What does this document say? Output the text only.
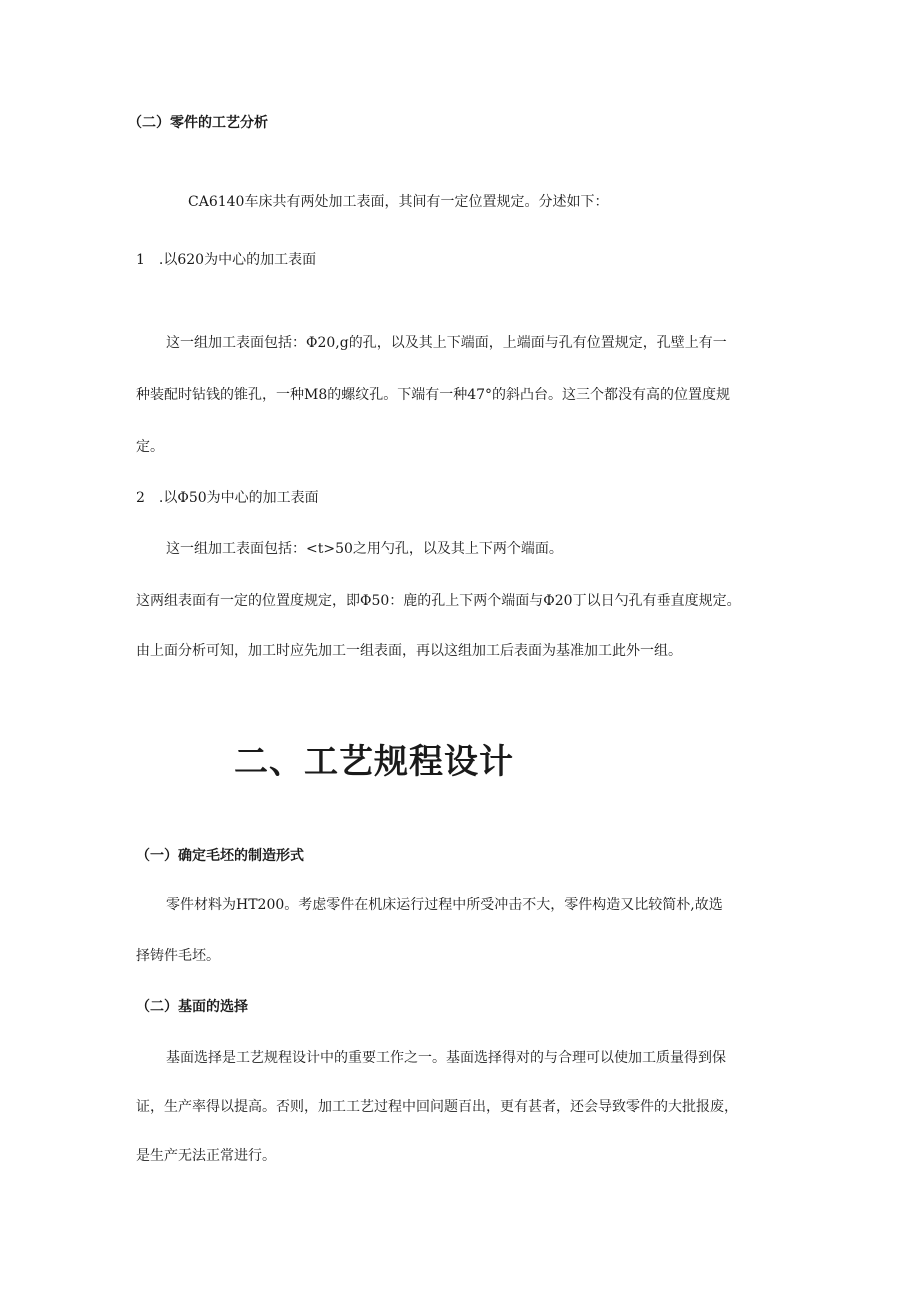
（二）零件的工艺分析

CA6140车床共有两处加工表面，其间有一定位置规定。分述如下：

1　.以620为中心的加工表面

这一组加工表面包括：Φ20,g的孔，以及其上下端面，上端面与孔有位置规定，孔壁上有一

种装配时钻钱的锥孔，一种M8的螺纹孔。下端有一种47°的斜凸台。这三个都没有高的位置度规

定。

2　.以Φ50为中心的加工表面

这一组加工表面包括：<t>50之用勺孔，以及其上下两个端面。

这两组表面有一定的位置度规定，即Φ50：鹿的孔上下两个端面与Φ20丁以日勺孔有垂直度规定。

由上面分析可知，加工时应先加工一组表面，再以这组加工后表面为基准加工此外一组。

二、工艺规程设计
（一）确定毛坯的制造形式

零件材料为HT200。考虑零件在机床运行过程中所受冲击不大，零件构造又比较简朴,故选

择铸件毛坯。

（二）基面的选择

基面选择是工艺规程设计中的重要工作之一。基面选择得对的与合理可以使加工质量得到保

证，生产率得以提高。否则，加工工艺过程中回问题百出，更有甚者，还会导致零件的大批报废，

是生产无法正常进行。
